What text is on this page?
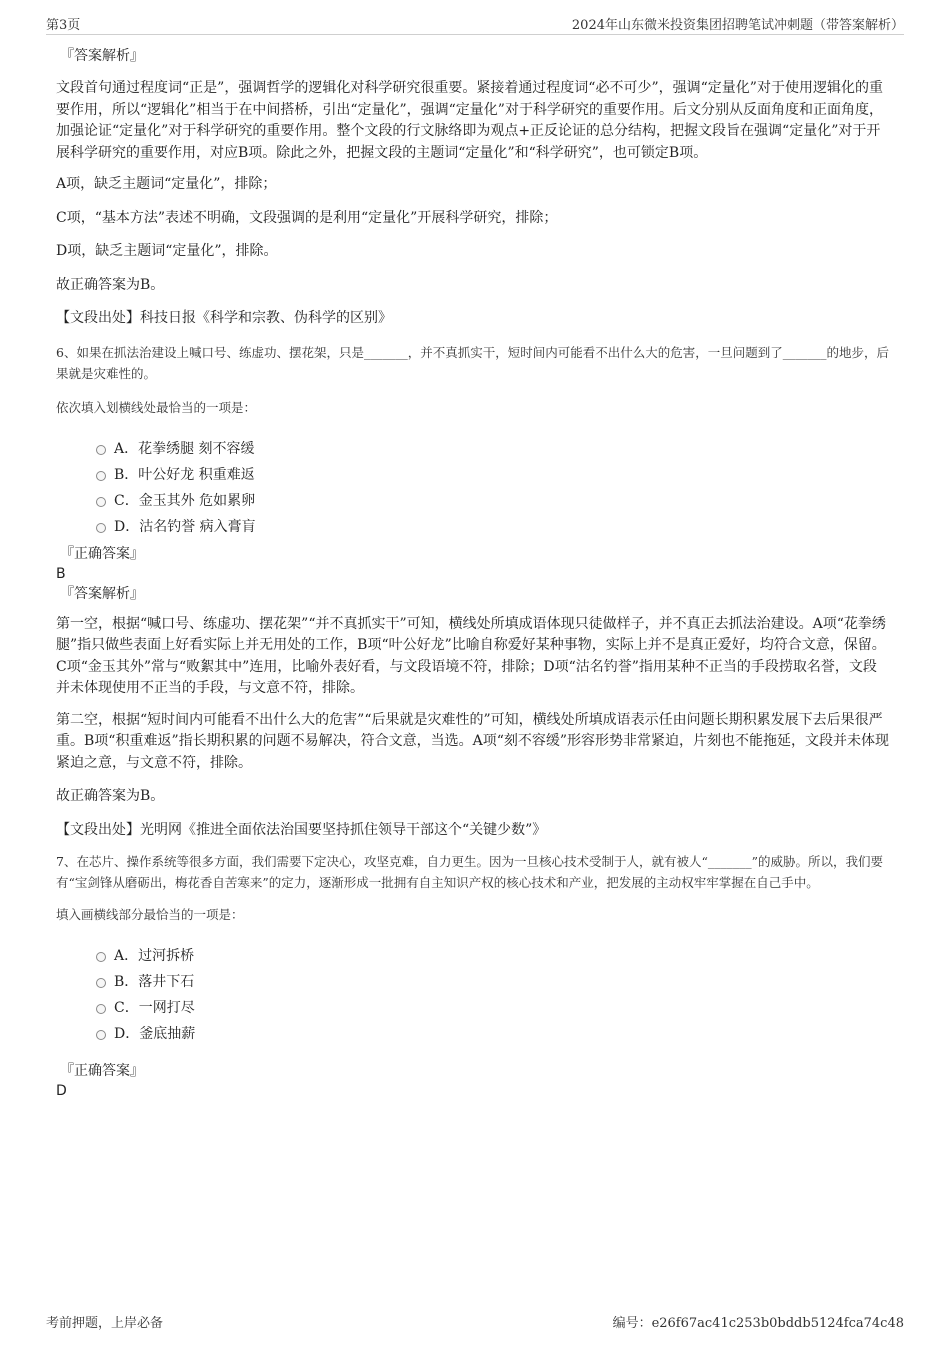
第3页	2024年山东微米投资集团招聘笔试冲刺题（带答案解析）

『答案解析』

文段首句通过程度词“正是”，强调哲学的逻辑化对科学研究很重要。紧接着通过程度词“必不可少”，强调“定量化”对于使用逻辑化的重要作用，所以“逻辑化”相当于在中间搭桥，引出“定量化”，强调“定量化”对于科学研究的重要作用。后文分别从反面角度和正面角度，加强论证“定量化”对于科学研究的重要作用。整个文段的行文脉络即为观点+正反论证的总分结构，把握文段旨在强调“定量化”对于开展科学研究的重要作用，对应B项。除此之外，把握文段的主题词“定量化”和“科学研究”，也可锁定B项。

A项，缺乏主题词“定量化”，排除；

C项，“基本方法”表述不明确，文段强调的是利用“定量化”开展科学研究，排除；

D项，缺乏主题词“定量化”，排除。

故正确答案为B。

【文段出处】科技日报《科学和宗教、伪科学的区别》

6、如果在抓法治建设上喊口号、练虚功、摆花架，只是_______，并不真抓实干，短时间内可能看不出什么大的危害，一旦问题到了_______的地步，后果就是灾难性的。

依次填入划横线处最恰当的一项是：

A．花拳绣腿 刻不容缓
B．叶公好龙 积重难返
C．金玉其外 危如累卵
D．沽名钓誉 病入膏肓

『正确答案』

B

『答案解析』

第一空，根据“喊口号、练虚功、摆花架”“并不真抓实干”可知，横线处所填成语体现只徒做样子，并不真正去抓法治建设。A项“花拳绣腿”指只做些表面上好看实际上并无用处的工作，B项“叶公好龙”比喻自称爱好某种事物，实际上并不是真正爱好，均符合文意，保留。C项“金玉其外”常与“败絮其中”连用，比喻外表好看，与文段语境不符，排除；D项“沽名钓誉”指用某种不正当的手段捞取名誉，文段并未体现使用不正当的手段，与文意不符，排除。

第二空，根据“短时间内可能看不出什么大的危害”“后果就是灾难性的”可知，横线处所填成语表示任由问题长期积累发展下去后果很严重。B项“积重难返”指长期积累的问题不易解决，符合文意，当选。A项“刻不容缓”形容形势非常紧迫，片刻也不能拖延，文段并未体现紧迫之意，与文意不符，排除。

故正确答案为B。

【文段出处】光明网《推进全面依法治国要坚持抓住领导干部这个“关键少数”》

7、在芯片、操作系统等很多方面，我们需要下定决心，攻坚克难，自力更生。因为一旦核心技术受制于人，就有被人“_______”的威胁。所以，我们要有“宝剑锋从磨砺出，梅花香自苦寒来”的定力，逐渐形成一批拥有自主知识产权的核心技术和产业，把发展的主动权牢牢掌握在自己手中。

填入画横线部分最恰当的一项是：

A．过河拆桥
B．落井下石
C．一网打尽
D．釜底抽薪

『正确答案』

D

考前押题，上岸必备	编号：e26f67ac41c253b0bddb5124fca74c48
